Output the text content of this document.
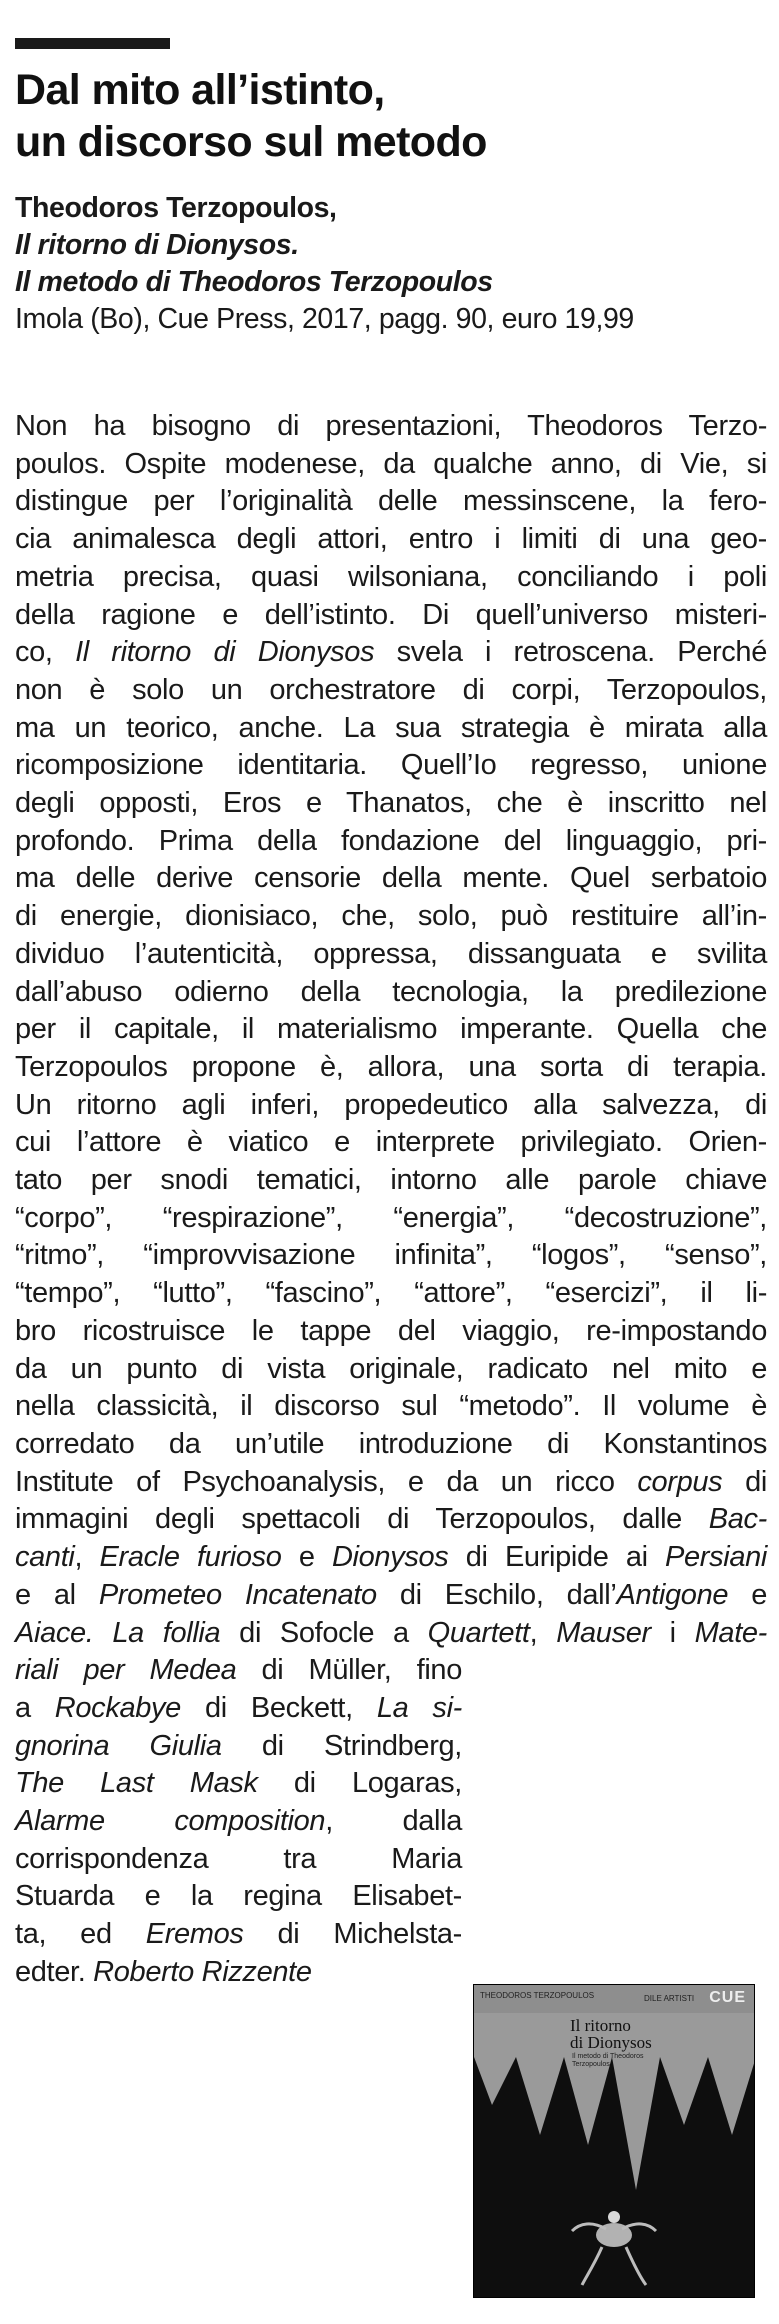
Dal mito all’istinto,
un discorso sul metodo
Theodoros Terzopoulos,
Il ritorno di Dionysos.
Il metodo di Theodoros Terzopoulos
Imola (Bo), Cue Press, 2017, pagg. 90, euro 19,99
Non ha bisogno di presentazioni, Theodoros Terzo-
poulos. Ospite modenese, da qualche anno, di Vie, si
distingue per l’originalità delle messinscene, la fero-
cia animalesca degli attori, entro i limiti di una geo-
metria precisa, quasi wilsoniana, conciliando i poli
della ragione e dell’istinto. Di quell’universo misteri-
co, Il ritorno di Dionysos svela i retroscena. Perché
non è solo un orchestratore di corpi, Terzopoulos,
ma un teorico, anche. La sua strategia è mirata alla
ricomposizione identitaria. Quell’Io regresso, unione
degli opposti, Eros e Thanatos, che è inscritto nel
profondo. Prima della fondazione del linguaggio, pri-
ma delle derive censorie della mente. Quel serbatoio
di energie, dionisiaco, che, solo, può restituire all’in-
dividuo l’autenticità, oppressa, dissanguata e svilita
dall’abuso odierno della tecnologia, la predilezione
per il capitale, il materialismo imperante. Quella che
Terzopoulos propone è, allora, una sorta di terapia.
Un ritorno agli inferi, propedeutico alla salvezza, di
cui l’attore è viatico e interprete privilegiato. Orien-
tato per snodi tematici, intorno alle parole chiave
“corpo”, “respirazione”, “energia”, “decostruzione”,
“ritmo”, “improvvisazione infinita”, “logos”, “senso”,
“tempo”, “lutto”, “fascino”, “attore”, “esercizi”, il li-
bro ricostruisce le tappe del viaggio, re-impostando
da un punto di vista originale, radicato nel mito e
nella classicità, il discorso sul “metodo”. Il volume è
corredato da un’utile introduzione di Konstantinos
Institute of Psychoanalysis, e da un ricco corpus di
immagini degli spettacoli di Terzopoulos, dalle Bac-
canti, Eracle furioso e Dionysos di Euripide ai Persiani
e al Prometeo Incatenato di Eschilo, dall’Antigone e
Aiace. La follia di Sofocle a Quartett, Mauser i Mate-
riali per Medea di Müller, fino
a Rockabye di Beckett, La si-
gnorina Giulia di Strindberg,
The Last Mask di Logaras,
Alarme composition, dalla
corrispondenza tra Maria
Stuarda e la regina Elisabet-
ta, ed Eremos di Michelsta-
edter. Roberto Rizzente
THEODOROS TERZOPOULOS	DILE ARTISTI CUE
Il ritorno
di Dionysos
Il metodo di Theodoros Terzopoulos
